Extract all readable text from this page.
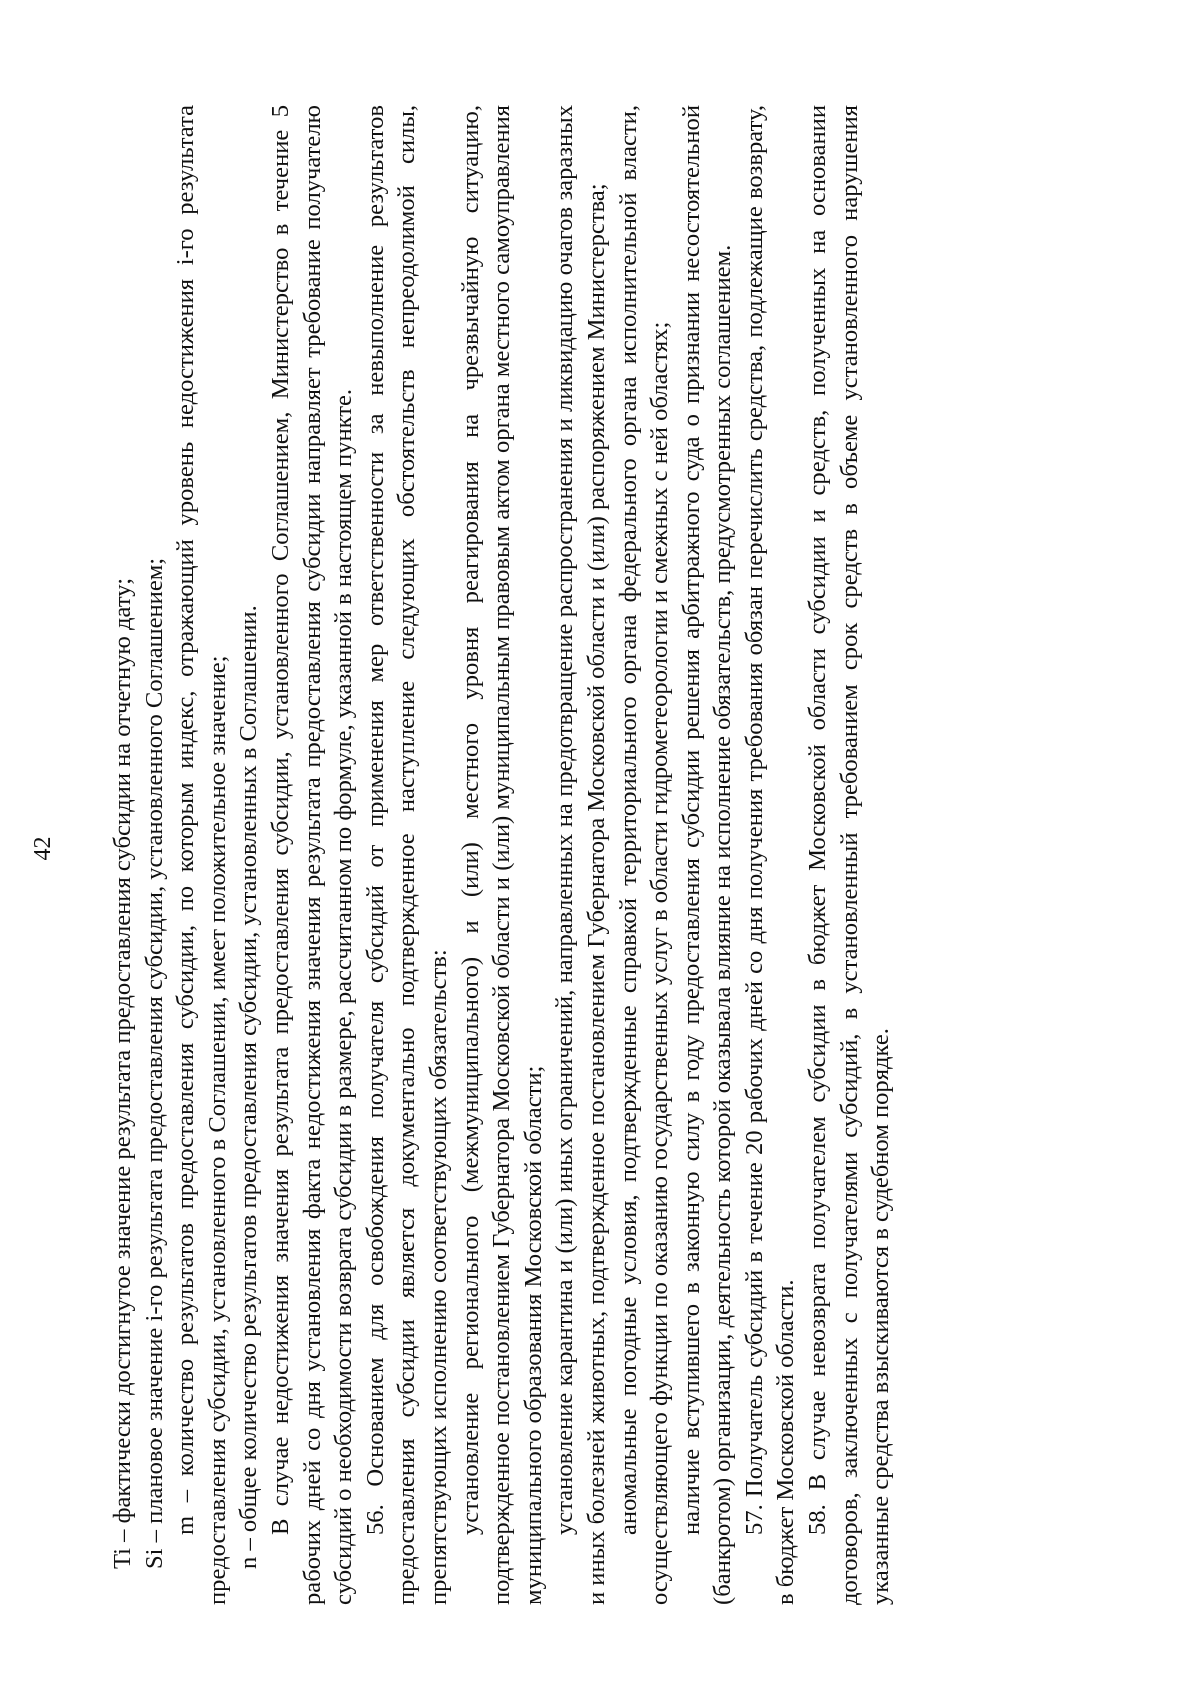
42 Ti – фактически достигнутое значение результата предоставления субсидии на отчетную дату; Si – плановое значение i-го результата предоставления субсидии, установленного Соглашением; m – количество результатов предоставления субсидии, по которым индекс, отражающий уровень недостижения i-го результата предоставления субсидии, установленного в Соглашении, имеет положительное значение; n – общее количество результатов предоставления субсидии, установленных в Соглашении. В случае недостижения значения результата предоставления субсидии, установленного Соглашением, Министерство в течение 5 рабочих дней со дня установления факта недостижения значения результата предоставления субсидии направляет требование получателю субсидий о необходимости возврата субсидии в размере, рассчитанном по формуле, указанной в настоящем пункте. 56. Основанием для освобождения получателя субсидий от применения мер ответственности за невыполнение результатов предоставления субсидии является документально подтвержденное наступление следующих обстоятельств непреодолимой силы, препятствующих исполнению соответствующих обязательств: установление регионального (межмуниципального) и (или) местного уровня реагирования на чрезвычайную ситуацию, подтвержденное постановлением Губернатора Московской области и (или) муниципальным правовым актом органа местного самоуправления муниципального образования Московской области; установление карантина и (или) иных ограничений, направленных на предотвращение распространения и ликвидацию очагов заразных и иных болезней животных, подтвержденное постановлением Губернатора Московской области и (или) распоряжением Министерства; аномальные погодные условия, подтвержденные справкой территориального органа федерального органа исполнительной власти, осуществляющего функции по оказанию государственных услуг в области гидрометеорологии и смежных с ней областях; наличие вступившего в законную силу в году предоставления субсидии решения арбитражного суда о признании несостоятельной (банкротом) организации, деятельность которой оказывала влияние на исполнение обязательств, предусмотренных соглашением. 57. Получатель субсидий в течение 20 рабочих дней со дня получения требования обязан перечислить средства, подлежащие возврату, в бюджет Московской области. 58. В случае невозврата получателем субсидии в бюджет Московской области субсидии и средств, полученных на основании договоров, заключенных с получателями субсидий, в установленный требованием срок средств в объеме установленного нарушения указанные средства взыскиваются в судебном порядке.
